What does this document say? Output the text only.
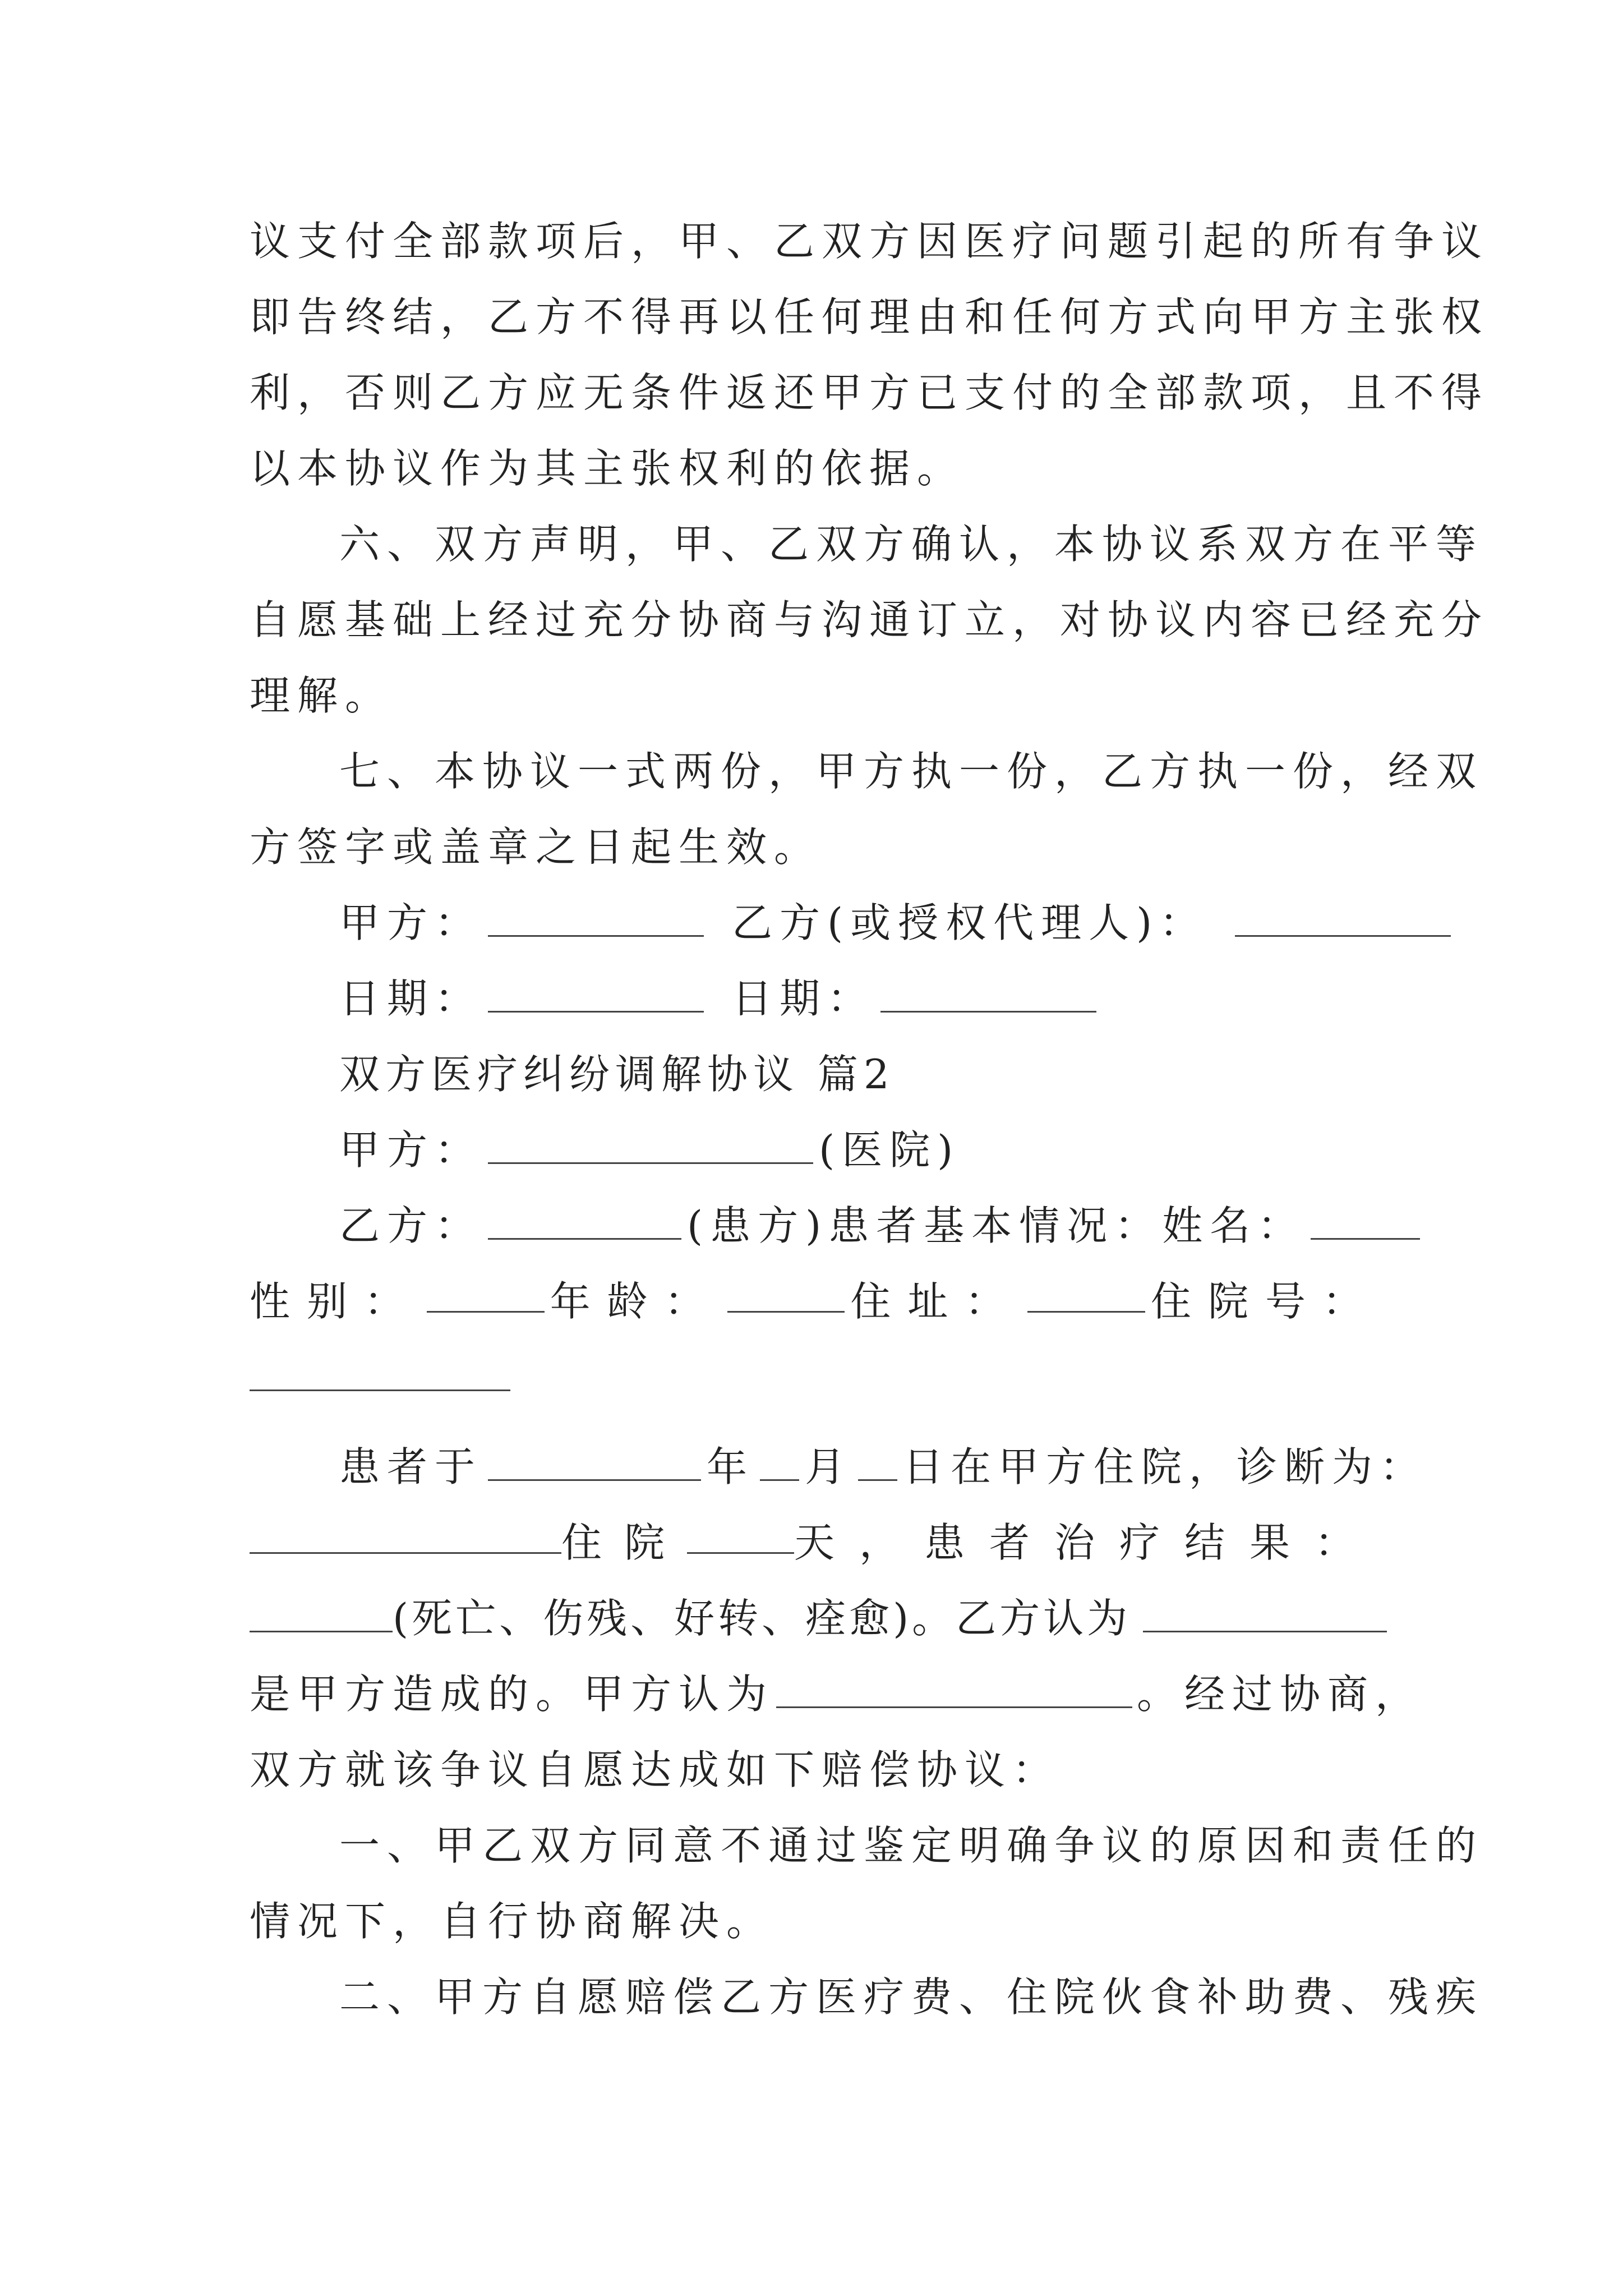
议支付全部款项后，甲、乙双方因医疗问题引起的所有争议
即告终结，乙方不得再以任何理由和任何方式向甲方主张权
利，否则乙方应无条件返还甲方已支付的全部款项，且不得
以本协议作为其主张权利的依据。
六、双方声明，甲、乙双方确认，本协议系双方在平等
自愿基础上经过充分协商与沟通订立，对协议内容已经充分
理解。
七、本协议一式两份，甲方执一份，乙方执一份，经双
方签字或盖章之日起生效。
甲方：	乙方(或授权代理人)：
日期：	日期：
双方医疗纠纷调解协议 篇2
甲方：	(医院)
乙方：	(患方)患者基本情况：姓名：
性别：	年龄：	住址：	住院号：
患者于	年 月 日在甲方住院，诊断为：
住院	天，患者治疗结果：
(死亡、伤残、好转、痊愈)。乙方认为
是甲方造成的。甲方认为	。经过协商，
双方就该争议自愿达成如下赔偿协议：
一、甲乙双方同意不通过鉴定明确争议的原因和责任的
情况下，自行协商解决。
二、甲方自愿赔偿乙方医疗费、住院伙食补助费、残疾
